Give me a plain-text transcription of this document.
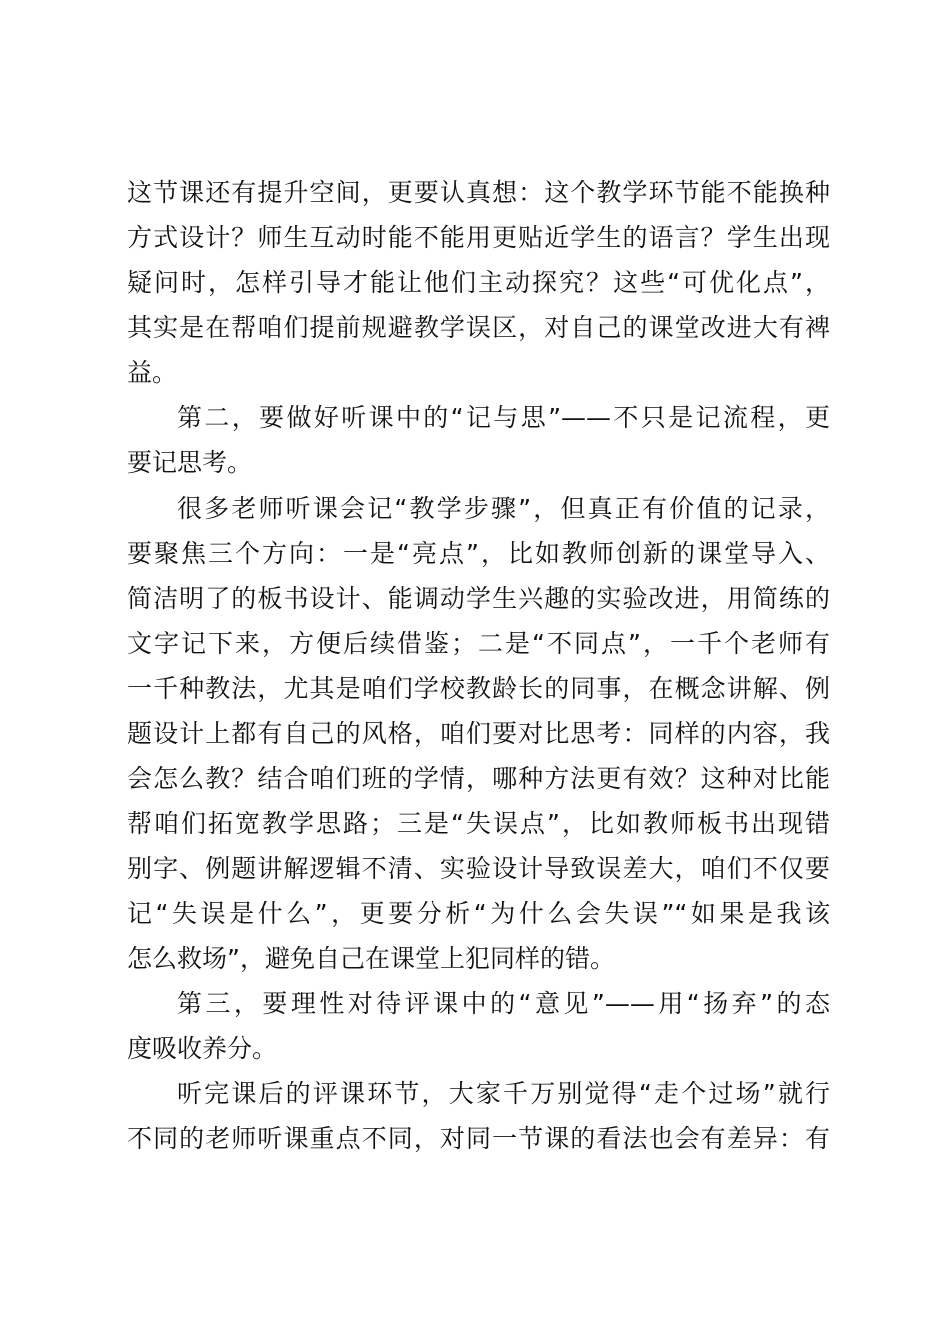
这节课还有提升空间，更要认真想：这个教学环节能不能换种
方式设计？师生互动时能不能用更贴近学生的语言？学生出现
疑问时，怎样引导才能让他们主动探究？这些“可优化点”，
其实是在帮咱们提前规避教学误区，对自己的课堂改进大有裨
益。
第二，要做好听课中的“记与思”——不只是记流程，更
要记思考。
很多老师听课会记“教学步骤”，但真正有价值的记录，
要聚焦三个方向：一是“亮点”，比如教师创新的课堂导入、
简洁明了的板书设计、能调动学生兴趣的实验改进，用简练的
文字记下来，方便后续借鉴；二是“不同点”，一千个老师有
一千种教法，尤其是咱们学校教龄长的同事，在概念讲解、例
题设计上都有自己的风格，咱们要对比思考：同样的内容，我
会怎么教？结合咱们班的学情，哪种方法更有效？这种对比能
帮咱们拓宽教学思路；三是“失误点”，比如教师板书出现错
别字、例题讲解逻辑不清、实验设计导致误差大，咱们不仅要
记“失误是什么”，更要分析“为什么会失误”“如果是我该
怎么救场”，避免自己在课堂上犯同样的错。
第三，要理性对待评课中的“意见”——用“扬弃”的态
度吸收养分。
听完课后的评课环节，大家千万别觉得“走个过场”就行
不同的老师听课重点不同，对同一节课的看法也会有差异：有
